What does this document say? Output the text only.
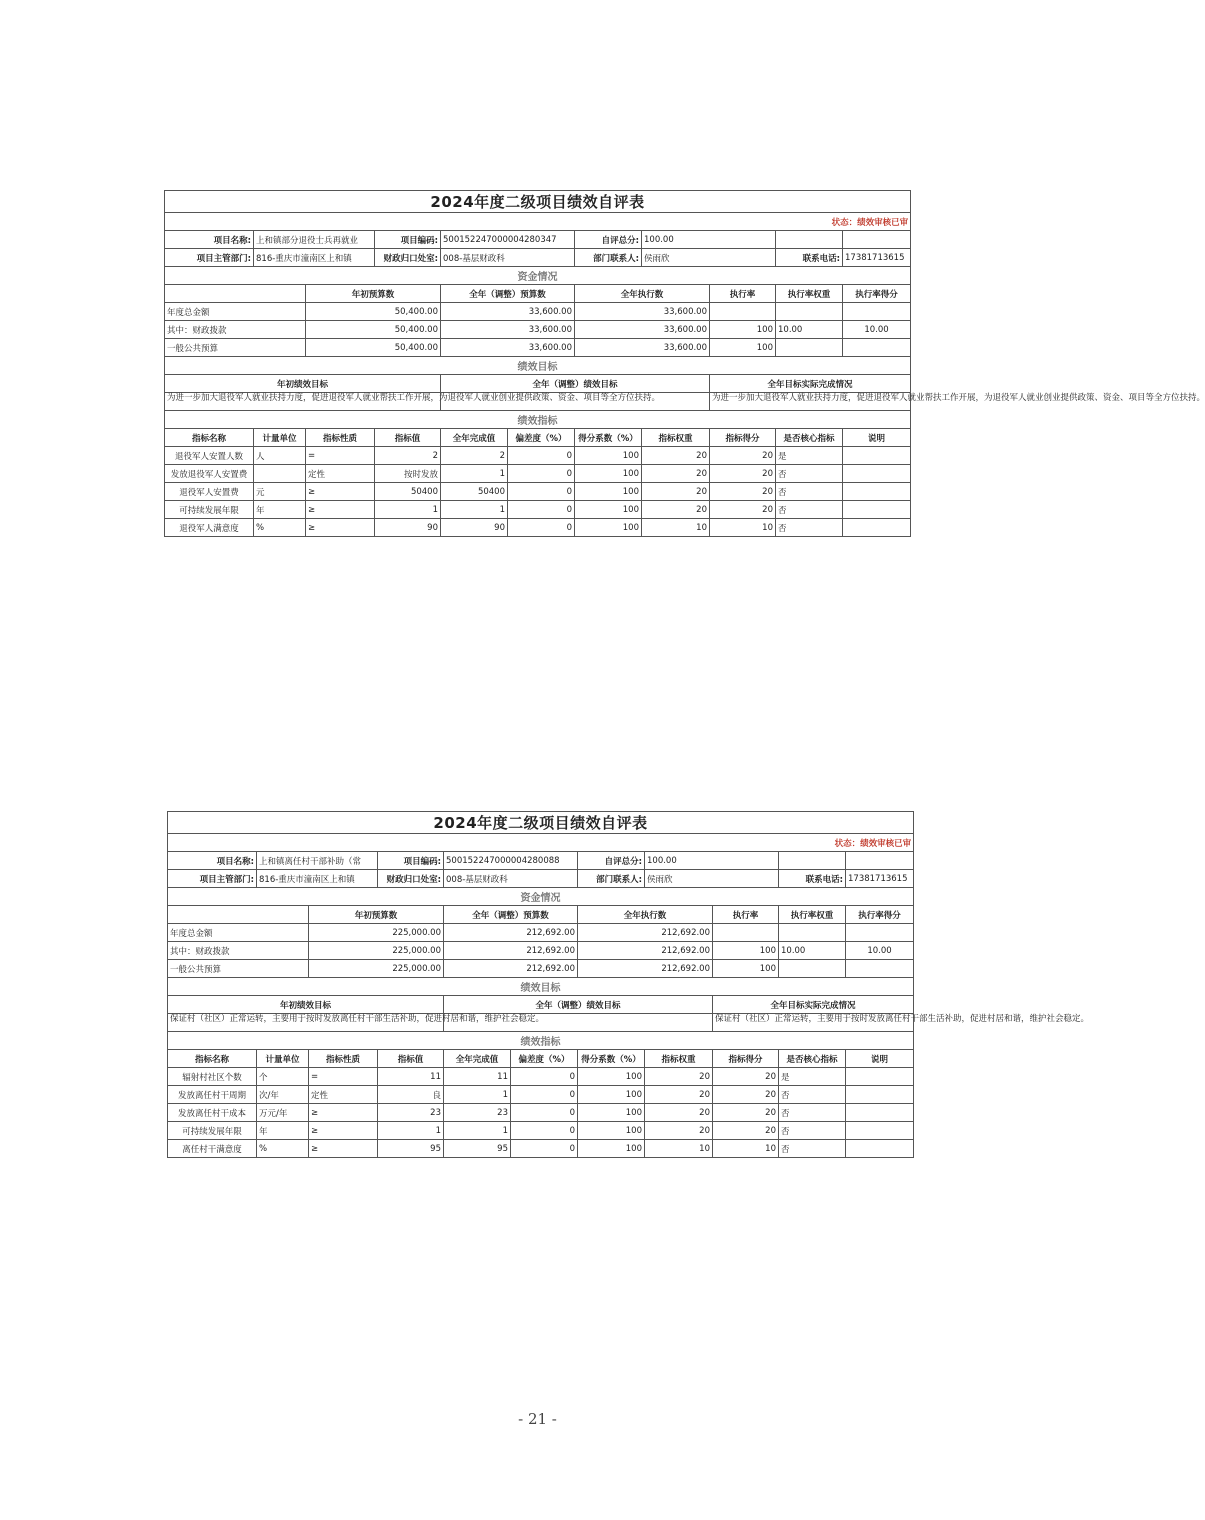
2024年度二级项目绩效自评表										
状态：绩效审核已审										
项目名称:	上和镇部分退役士兵再就业		项目编码:	500152247000004280347		自评总分:	100.00			
项目主管部门:	816-重庆市潼南区上和镇		财政归口处室:	008-基层财政科		部门联系人:	侯雨欣		联系电话:	17381713615
资金情况										
		年初预算数		全年（调整）预算数		全年执行数		执行率	执行率权重	执行率得分
年度总金额		50,400.00		33,600.00		33,600.00				
其中：财政拨款		50,400.00		33,600.00		33,600.00		100	10.00	10.00
一般公共预算		50,400.00		33,600.00		33,600.00		100		
绩效目标										
年初绩效目标				全年（调整）绩效目标				全年目标实际完成情况		
为进一步加大退役军人就业扶持力度，促进退役军人就业帮扶工作开展，为退役军人就业创业提供政策、资金、项目等全方位扶持。								为进一步加大退役军人就业扶持力度，促进退役军人就业帮扶工作开展，为退役军人就业创业提供政策、资金、项目等全方位扶持。		
绩效指标										
指标名称	计量单位	指标性质	指标值	全年完成值	偏差度（%）	得分系数（%）	指标权重	指标得分	是否核心指标	说明
退役军人安置人数	人	=	2	2	0	100	20	20	是	
发放退役军人安置费		定性	按时发放	1	0	100	20	20	否	
退役军人安置费	元	≥	50400	50400	0	100	20	20	否	
可持续发展年限	年	≥	1	1	0	100	20	20	否	
退役军人满意度	%	≥	90	90	0	100	10	10	否	
2024年度二级项目绩效自评表										
状态：绩效审核已审										
项目名称:	上和镇离任村干部补助（常		项目编码:	500152247000004280088		自评总分:	100.00			
项目主管部门:	816-重庆市潼南区上和镇		财政归口处室:	008-基层财政科		部门联系人:	侯雨欣		联系电话:	17381713615
资金情况										
		年初预算数		全年（调整）预算数		全年执行数		执行率	执行率权重	执行率得分
年度总金额		225,000.00		212,692.00		212,692.00				
其中：财政拨款		225,000.00		212,692.00		212,692.00		100	10.00	10.00
一般公共预算		225,000.00		212,692.00		212,692.00		100		
绩效目标										
年初绩效目标				全年（调整）绩效目标				全年目标实际完成情况		
保证村（社区）正常运转，主要用于按时发放离任村干部生活补助，促进村居和谐，维护社会稳定。								保证村（社区）正常运转，主要用于按时发放离任村干部生活补助，促进村居和谐，维护社会稳定。		
绩效指标										
指标名称	计量单位	指标性质	指标值	全年完成值	偏差度（%）	得分系数（%）	指标权重	指标得分	是否核心指标	说明
辐射村社区个数	个	=	11	11	0	100	20	20	是	
发放离任村干周期	次/年	定性	良	1	0	100	20	20	否	
发放离任村干成本	万元/年	≥	23	23	0	100	20	20	否	
可持续发展年限	年	≥	1	1	0	100	20	20	否	
离任村干满意度	%	≥	95	95	0	100	10	10	否	
- 21 -
